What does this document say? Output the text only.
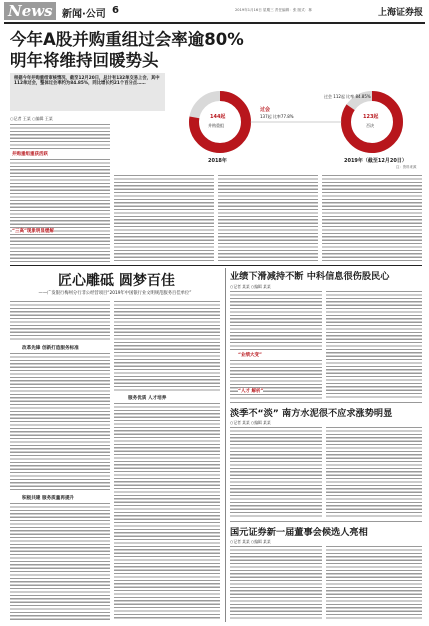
News 新闻·公司 6	2019年1月16日 星期三 责任编辑：张 版式：林	上海证券报
今年A股并购重组过会率逾80%
明年将维持回暖势头
根据今年并购重组审核情况，截至12月20日，总计有132单交易上会，其中112单过会，整体过会率约为84.85%，同比增长约21个百分点……
○记者 王某 ○编辑 王某	144起
并购重组
过会
137起 比率77.8%	123起
否决
过会 112起 比率 84.85%
2018年	2019年（截至12月20日）
注：资料来源
并购重组重获活跃
“三高”现象明显缓解
匠心雕砥 圆梦百佳
——广发银行梅州分行非公经营项目“2019年中国银行业文明规范服务百佳单位”
改革先锋 创新打造服务标准
积极共建 服务质量再提升
服务优质 人才培养
业绩下滑减持不断 中科信息很伤股民心
○记者 某某 ○编辑 某某
“业绩大变”
“人才 解析”
淡季不“淡” 南方水泥很不应求涨势明显
○记者 某某 ○编辑 某某
国元证券新一届董事会候选人亮相
○记者 某某 ○编辑 某某
